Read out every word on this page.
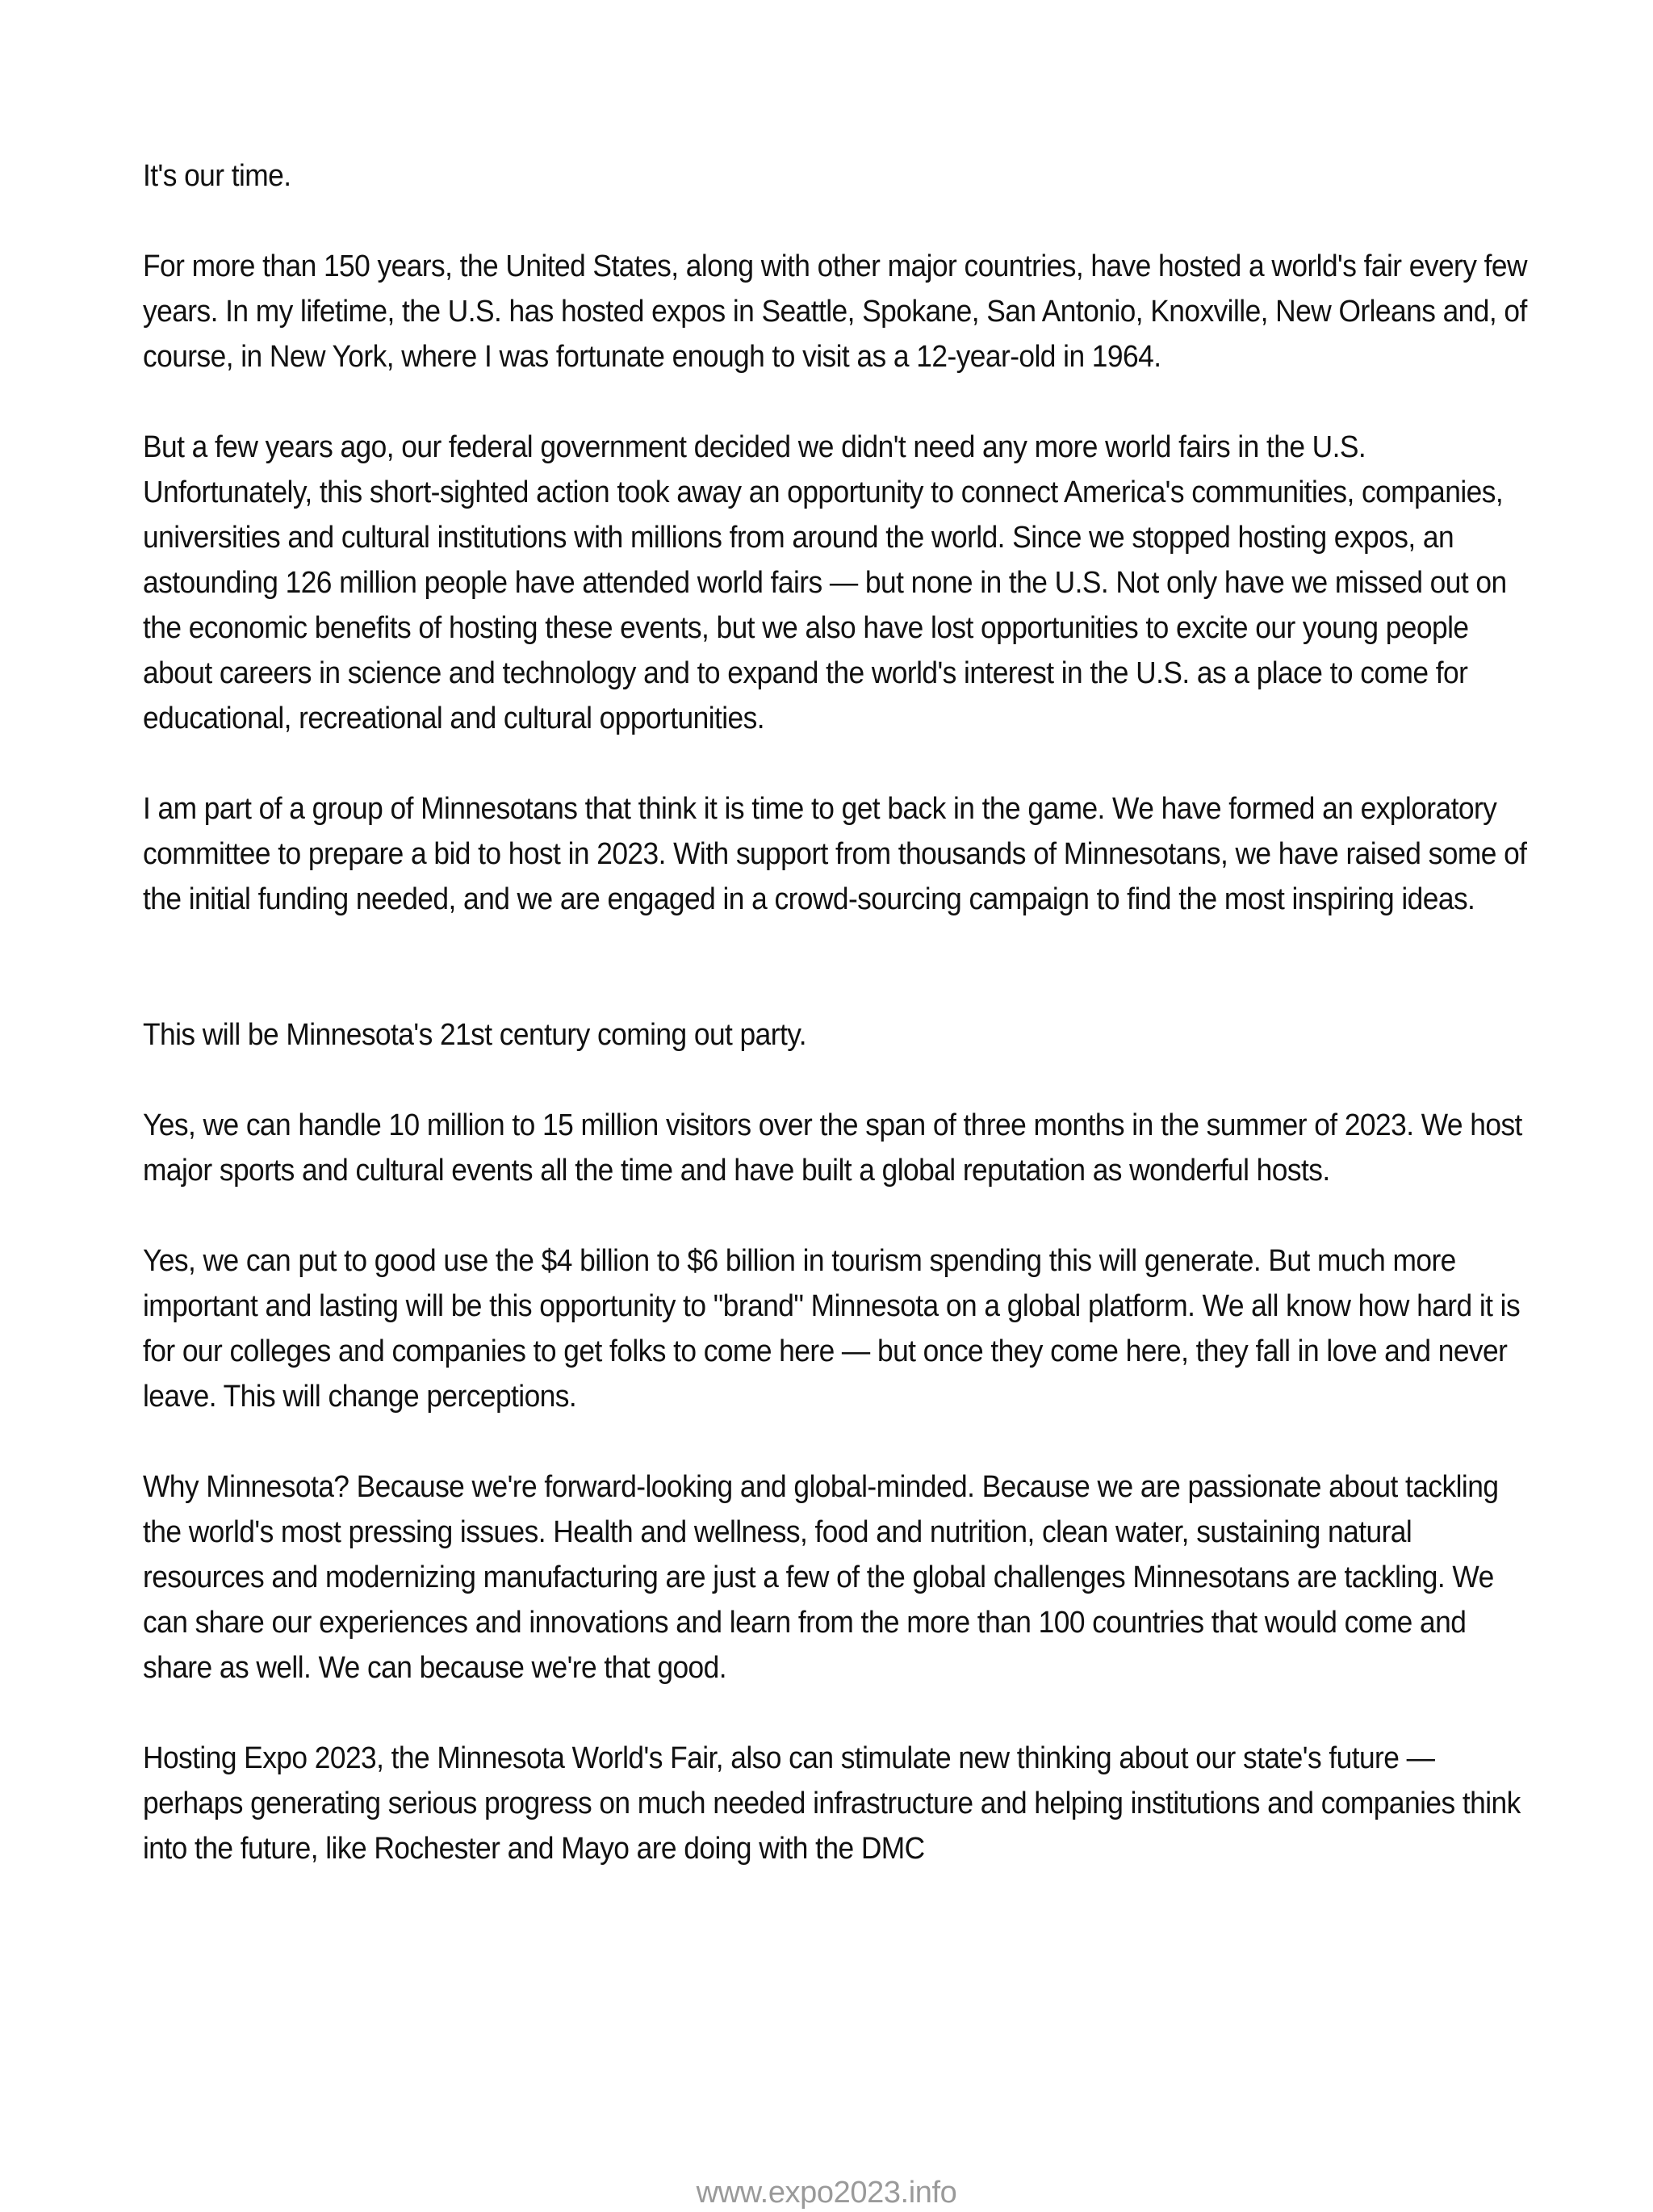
It's our time.

For more than 150 years, the United States, along with other major countries, have hosted a world's fair every few years. In my lifetime, the U.S. has hosted expos in Seattle, Spokane, San Antonio, Knoxville, New Orleans and, of course, in New York, where I was fortunate enough to visit as a 12-year-old in 1964.

But a few years ago, our federal government decided we didn't need any more world fairs in the U.S. Unfortunately, this short-sighted action took away an opportunity to connect America's communities, companies, universities and cultural institutions with millions from around the world. Since we stopped hosting expos, an astounding 126 million people have attended world fairs — but none in the U.S. Not only have we missed out on the economic benefits of hosting these events, but we also have lost opportunities to excite our young people about careers in science and technology and to expand the world's interest in the U.S. as a place to come for educational, recreational and cultural opportunities.

I am part of a group of Minnesotans that think it is time to get back in the game. We have formed an exploratory committee to prepare a bid to host in 2023. With support from thousands of Minnesotans, we have raised some of the initial funding needed, and we are engaged in a crowd-sourcing campaign to find the most inspiring ideas.

This will be Minnesota's 21st century coming out party.

Yes, we can handle 10 million to 15 million visitors over the span of three months in the summer of 2023. We host major sports and cultural events all the time and have built a global reputation as wonderful hosts.

Yes, we can put to good use the $4 billion to $6 billion in tourism spending this will generate. But much more important and lasting will be this opportunity to "brand" Minnesota on a global platform. We all know how hard it is for our colleges and companies to get folks to come here — but once they come here, they fall in love and never leave. This will change perceptions.

Why Minnesota? Because we're forward-looking and global-minded. Because we are passionate about tackling the world's most pressing issues. Health and wellness, food and nutrition, clean water, sustaining natural resources and modernizing manufacturing are just a few of the global challenges Minnesotans are tackling. We can share our experiences and innovations and learn from the more than 100 countries that would come and share as well. We can because we're that good.

Hosting Expo 2023, the Minnesota World's Fair, also can stimulate new thinking about our state's future — perhaps generating serious progress on much needed infrastructure and helping institutions and companies think into the future, like Rochester and Mayo are doing with the DMC

www.expo2023.info
